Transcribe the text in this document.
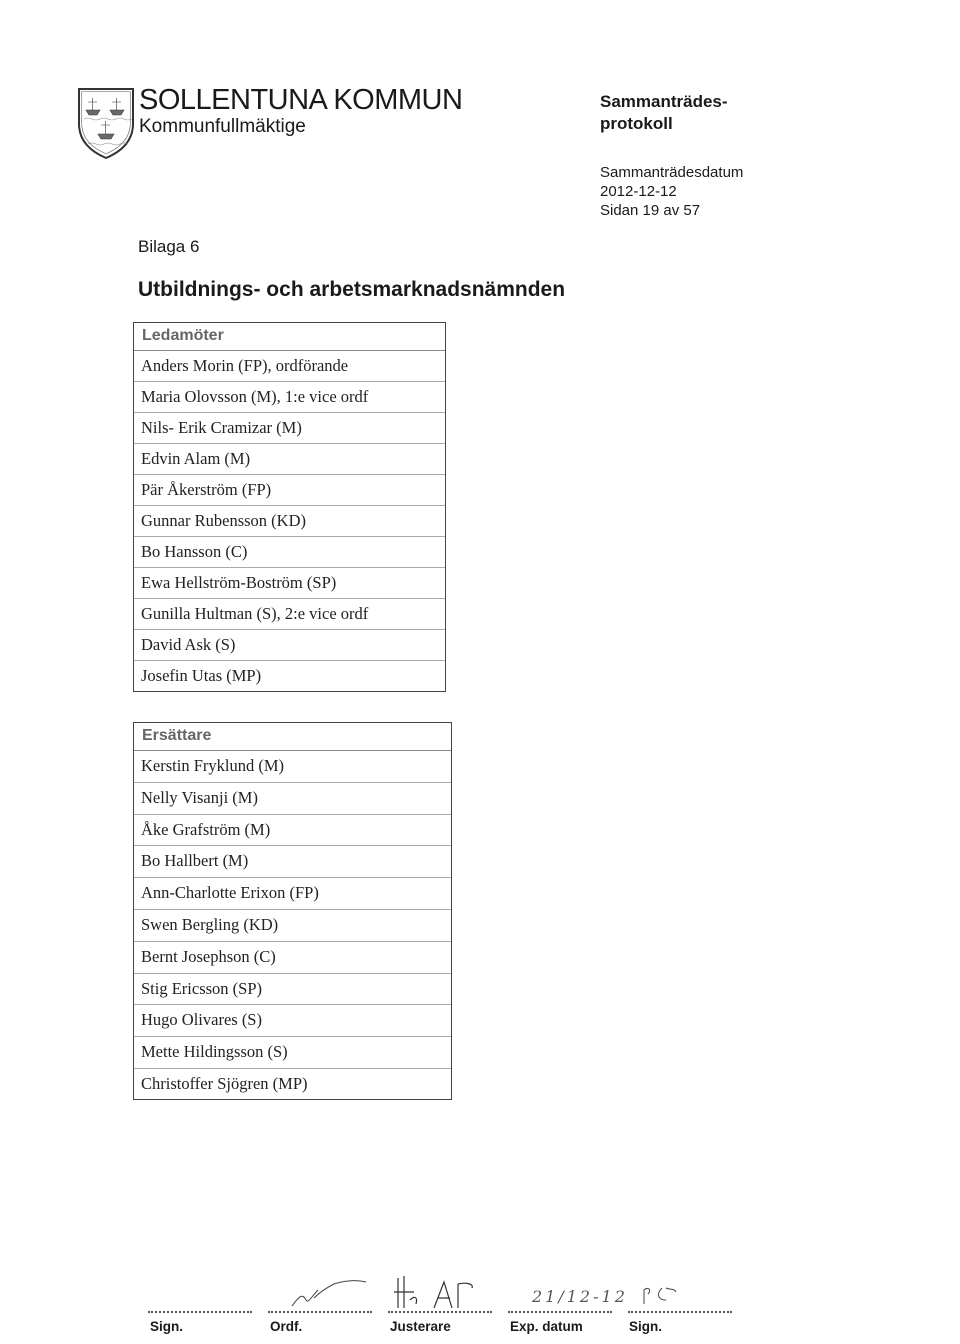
SOLLENTUNA KOMMUN
Kommunfullmäktige
Sammanträdes-
protokoll
Sammanträdesdatum
2012-12-12
Sidan 19 av 57
Bilaga 6
Utbildnings- och arbetsmarknadsnämnden
Ledamöter
Anders Morin (FP), ordförande
Maria Olovsson (M), 1:e vice ordf
Nils- Erik Cramizar (M)
Edvin Alam (M)
Pär Åkerström (FP)
Gunnar Rubensson (KD)
Bo Hansson (C)
Ewa Hellström-Boström (SP)
Gunilla Hultman (S), 2:e vice ordf
David Ask (S)
Josefin Utas (MP)
Ersättare
Kerstin Fryklund (M)
Nelly Visanji (M)
Åke Grafström (M)
Bo Hallbert (M)
Ann-Charlotte Erixon (FP)
Swen Bergling (KD)
Bernt Josephson (C)
Stig Ericsson (SP)
Hugo Olivares (S)
Mette Hildingsson (S)
Christoffer Sjögren (MP)
21/12-12
Sign.	Ordf.	Justerare	Exp. datum	Sign.
